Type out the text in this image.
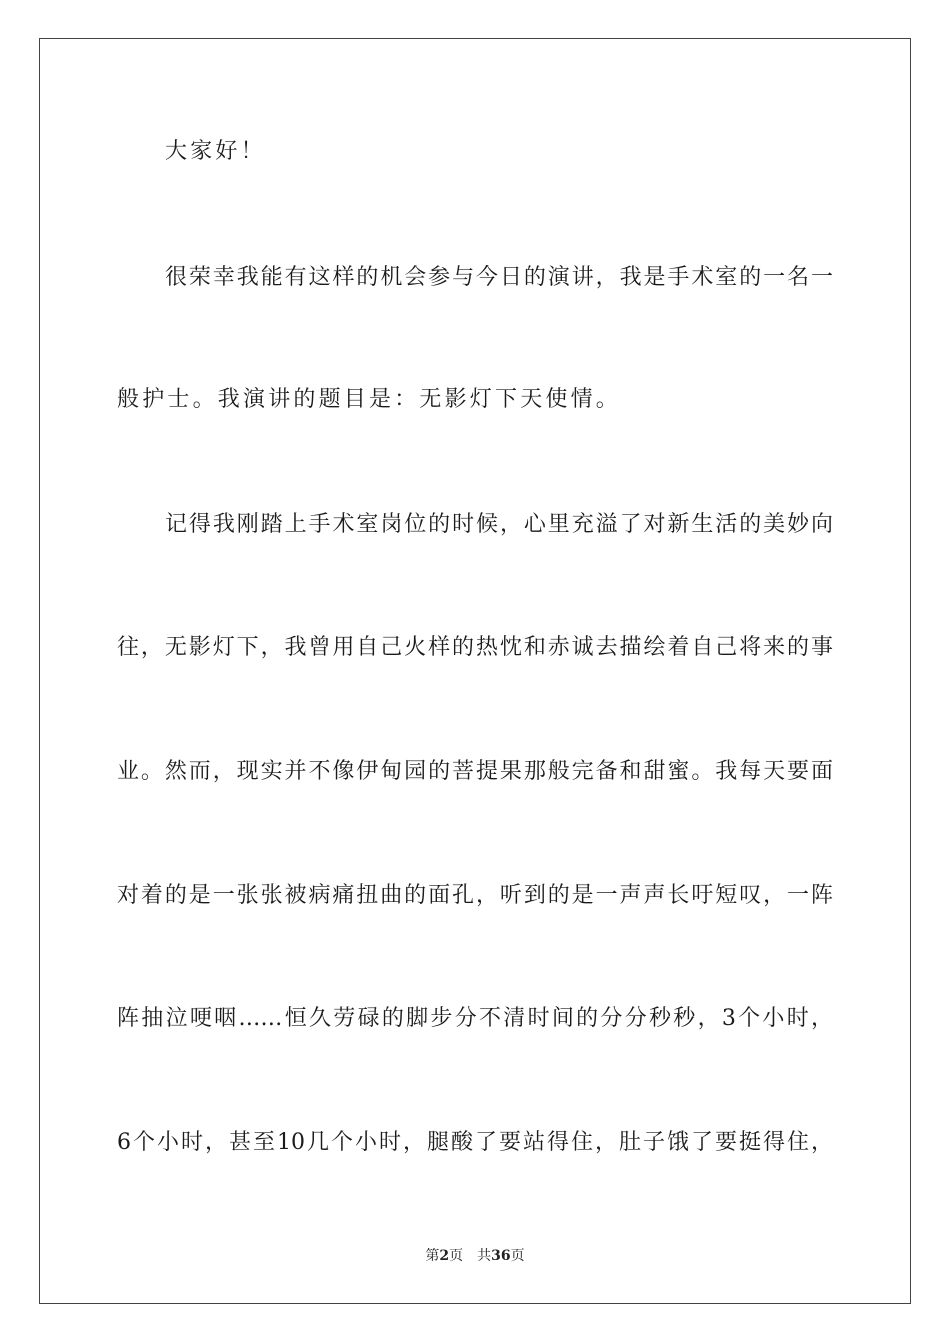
大家好！
很荣幸我能有这样的机会参与今日的演讲，我是手术室的一名一
般护士。我演讲的题目是：无影灯下天使情。
记得我刚踏上手术室岗位的时候，心里充溢了对新生活的美妙向
往，无影灯下，我曾用自己火样的热忱和赤诚去描绘着自己将来的事
业。然而，现实并不像伊甸园的菩提果那般完备和甜蜜。我每天要面
对着的是一张张被病痛扭曲的面孔，听到的是一声声长吁短叹，一阵
阵抽泣哽咽……恒久劳碌的脚步分不清时间的分分秒秒，3个小时，
6个小时，甚至10几个小时，腿酸了要站得住，肚子饿了要挺得住，
第2页 共36页
